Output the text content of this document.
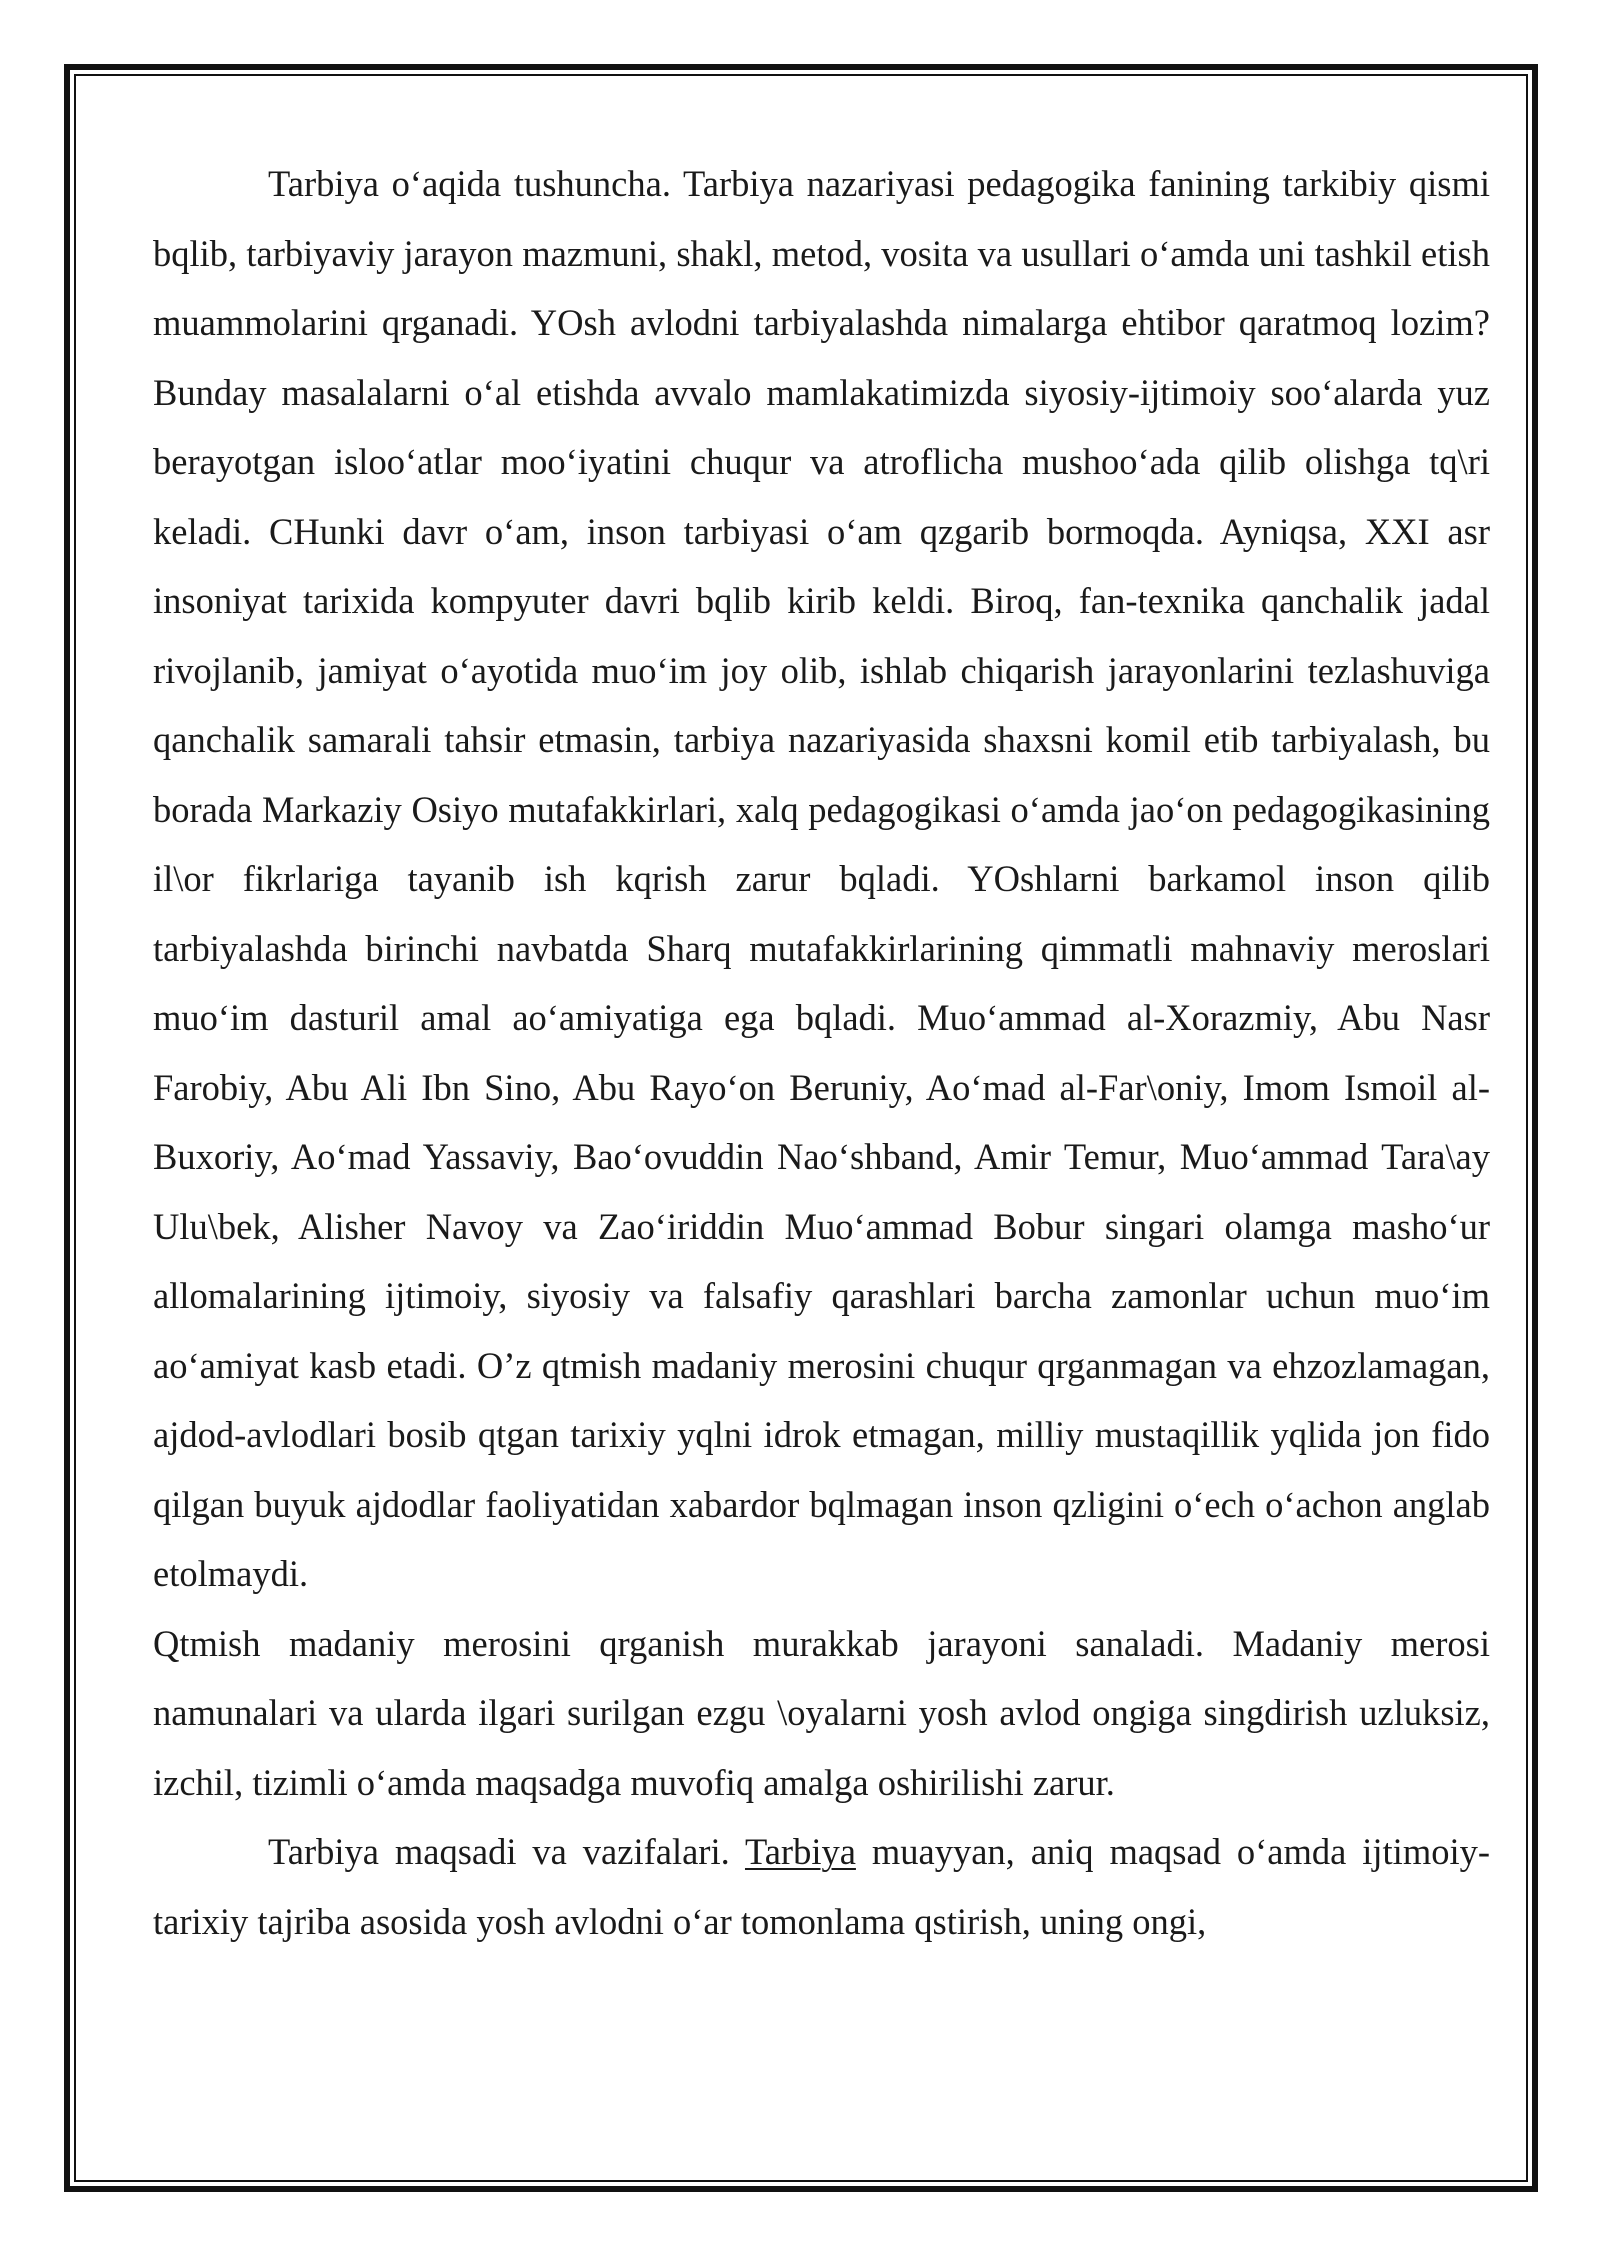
Tarbiya o‘aqida tushuncha. Tarbiya nazariyasi pedagogika fanining tarkibiy qismi bqlib, tarbiyaviy jarayon mazmuni, shakl, metod, vosita va usullari o‘amda uni tashkil etish muammolarini qrganadi. YOsh avlodni tarbiyalashda nimalarga ehtibor qaratmoq lozim? Bunday masalalarni o‘al etishda avvalo mamlakatimizda siyosiy-ijtimoiy soo‘alarda yuz berayotgan isloo‘atlar moo‘iyatini chuqur va atroflicha mushoo‘ada qilib olishga tq\ri keladi. CHunki davr o‘am, inson tarbiyasi o‘am qzgarib bormoqda. Ayniqsa, XXI asr insoniyat tarixida kompyuter davri bqlib kirib keldi. Biroq, fan-texnika qanchalik jadal rivojlanib, jamiyat o‘ayotida muo‘im joy olib, ishlab chiqarish jarayonlarini tezlashuviga qanchalik samarali tahsir etmasin, tarbiya nazariyasida shaxsni komil etib tarbiyalash, bu borada Markaziy Osiyo mutafakkirlari, xalq pedagogikasi o‘amda jao‘on pedagogikasining il\or fikrlariga tayanib ish kqrish zarur bqladi. YOshlarni barkamol inson qilib tarbiyalashda birinchi navbatda Sharq mutafakkirlarining qimmatli mahnaviy meroslari muo‘im dasturil amal ao‘amiyatiga ega bqladi. Muo‘ammad al-Xorazmiy, Abu Nasr Farobiy, Abu Ali Ibn Sino, Abu Rayo‘on Beruniy, Ao‘mad al-Far\oniy, Imom Ismoil al-Buxoriy, Ao‘mad Yassaviy, Bao‘ovuddin Nao‘shband, Amir Temur, Muo‘ammad Tara\ay Ulu\bek, Alisher Navoy va Zao‘iriddin Muo‘ammad Bobur singari olamga masho‘ur allomalarining ijtimoiy, siyosiy va falsafiy qarashlari barcha zamonlar uchun muo‘im ao‘amiyat kasb etadi. O’z qtmish madaniy merosini chuqur qrganmagan va ehzozlamagan, ajdod-avlodlari bosib qtgan tarixiy yqlni idrok etmagan, milliy mustaqillik yqlida jon fido qilgan buyuk ajdodlar faoliyatidan xabardor bqlmagan inson qzligini o‘ech o‘achon anglab etolmaydi.

Qtmish madaniy merosini qrganish murakkab jarayoni sanaladi. Madaniy merosi namunalari va ularda ilgari surilgan ezgu \oyalarni yosh avlod ongiga singdirish uzluksiz, izchil, tizimli o‘amda maqsadga muvofiq amalga oshirilishi zarur.

Tarbiya maqsadi va vazifalari. Tarbiya muayyan, aniq maqsad o‘amda ijtimoiy-tarixiy tajriba asosida yosh avlodni o‘ar tomonlama qstirish, uning ongi,
